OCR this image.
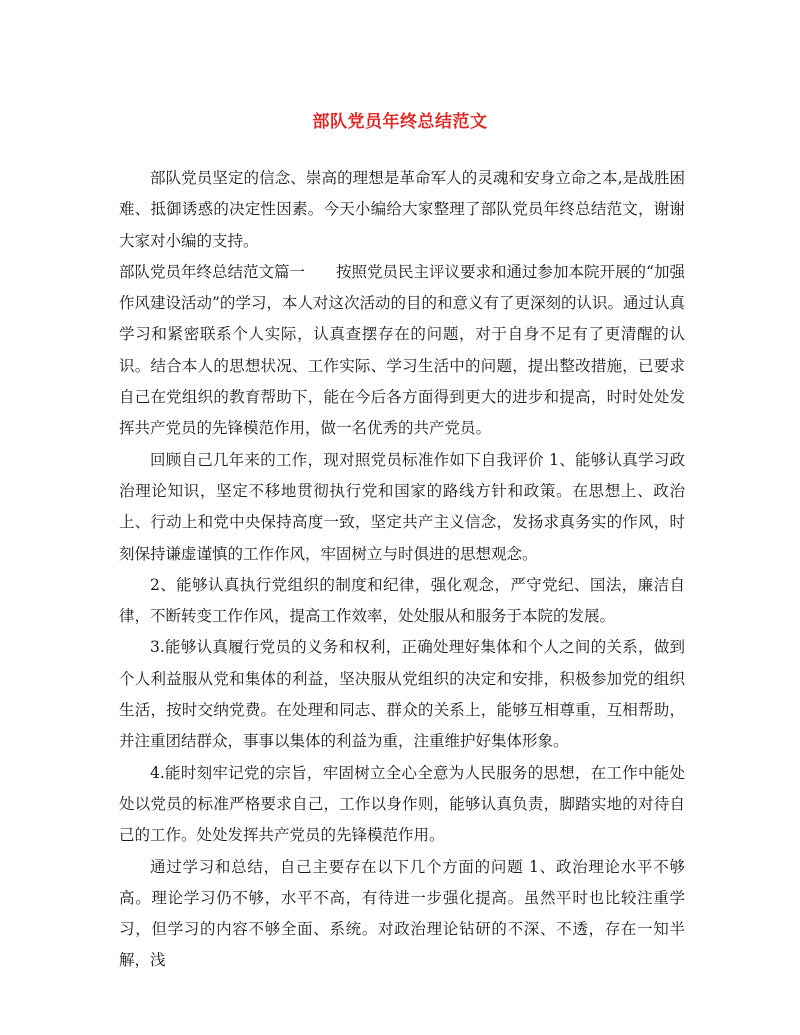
部队党员年终总结范文

部队党员坚定的信念、崇高的理想是革命军人的灵魂和安身立命之本,是战胜困难、抵御诱惑的决定性因素。今天小编给大家整理了部队党员年终总结范文，谢谢大家对小编的支持。

部队党员年终总结范文篇一　　按照党员民主评议要求和通过参加本院开展的“加强作风建设活动”的学习，本人对这次活动的目的和意义有了更深刻的认识。通过认真学习和紧密联系个人实际，认真查摆存在的问题，对于自身不足有了更清醒的认识。结合本人的思想状况、工作实际、学习生活中的问题，提出整改措施，已要求自己在党组织的教育帮助下，能在今后各方面得到更大的进步和提高，时时处处发挥共产党员的先锋模范作用，做一名优秀的共产党员。

回顾自己几年来的工作，现对照党员标准作如下自我评价 1、能够认真学习政治理论知识，坚定不移地贯彻执行党和国家的路线方针和政策。在思想上、政治上、行动上和党中央保持高度一致，坚定共产主义信念，发扬求真务实的作风，时刻保持谦虚谨慎的工作作风，牢固树立与时俱进的思想观念。

2、能够认真执行党组织的制度和纪律，强化观念，严守党纪、国法，廉洁自律，不断转变工作作风，提高工作效率，处处服从和服务于本院的发展。

3.能够认真履行党员的义务和权利，正确处理好集体和个人之间的关系，做到个人利益服从党和集体的利益，坚决服从党组织的决定和安排，积极参加党的组织生活，按时交纳党费。在处理和同志、群众的关系上，能够互相尊重，互相帮助，并注重团结群众，事事以集体的利益为重，注重维护好集体形象。

4.能时刻牢记党的宗旨，牢固树立全心全意为人民服务的思想，在工作中能处处以党员的标准严格要求自己，工作以身作则，能够认真负责，脚踏实地的对待自己的工作。处处发挥共产党员的先锋模范作用。

通过学习和总结，自己主要存在以下几个方面的问题 1、政治理论水平不够高。理论学习仍不够，水平不高，有待进一步强化提高。虽然平时也比较注重学习，但学习的内容不够全面、系统。对政治理论钻研的不深、不透，存在一知半解，浅
